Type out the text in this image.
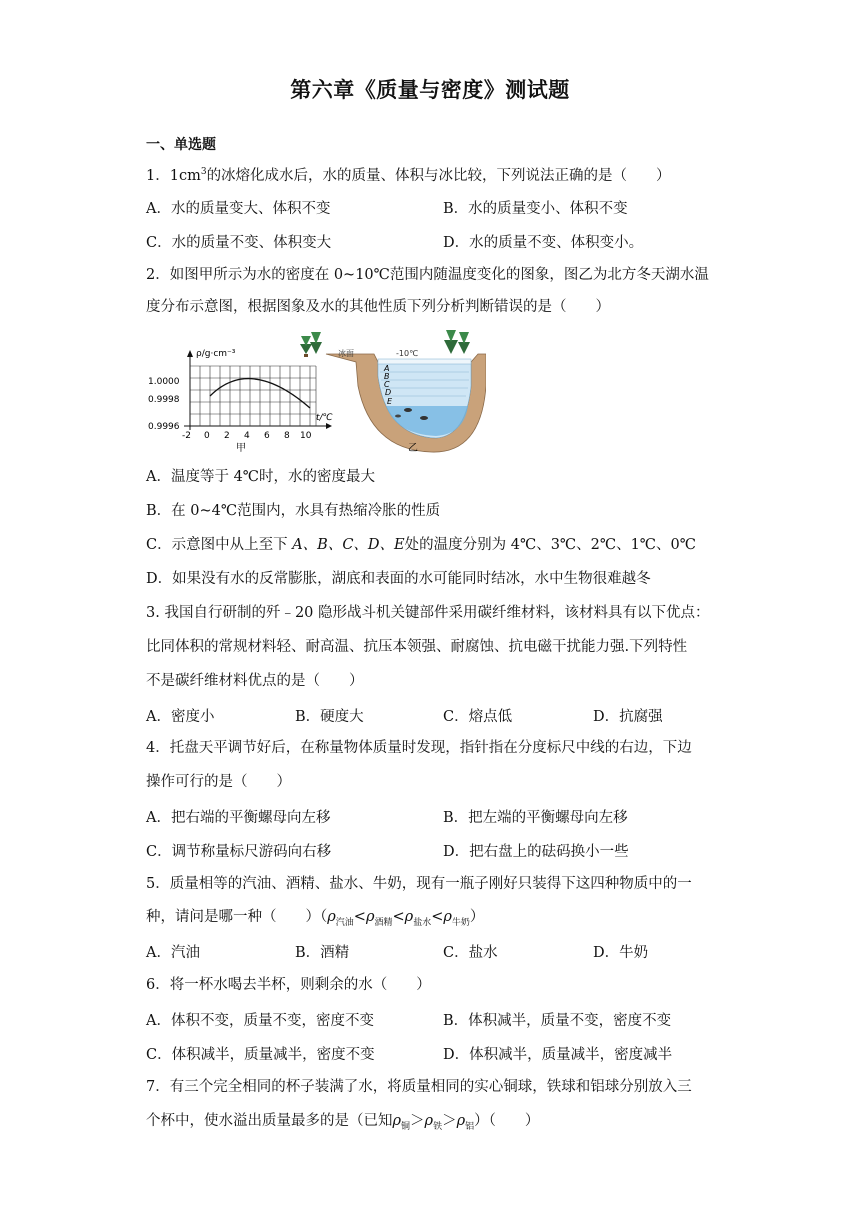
第六章《质量与密度》测试题
一、单选题
1．$1cm^3$的冰熔化成水后，水的质量、体积与冰比较，下列说法正确的是（　　）
A．水的质量变大、体积不变	B．水的质量变小、体积不变
C．水的质量不变、体积变大	D．水的质量不变、体积变小。
2．如图甲所示为水的密度在 0~10℃范围内随温度变化的图象，图乙为北方冬天湖水温
度分布示意图，根据图象及水的其他性质下列分析判断错误的是（　　）
ρ/g·cm⁻³
1.0000
0.9998
0.9996
-2 0 2 4 6 8 10
t/℃
甲
冰面	-10℃
A
B
C
D
E
乙
A．温度等于 4℃时，水的密度最大
B．在 0~4℃范围内，水具有热缩冷胀的性质
C．示意图中从上至下 A、B、C、D、E处的温度分别为 4℃、3℃、2℃、1℃、0℃
D．如果没有水的反常膨胀，湖底和表面的水可能同时结冰，水中生物很难越冬
3. 我国自行研制的歼﹣20 隐形战斗机关键部件采用碳纤维材料，该材料具有以下优点：
比同体积的常规材料轻、耐高温、抗压本领强、耐腐蚀、抗电磁干扰能力强.下列特性
不是碳纤维材料优点的是（　　）
A．密度小	B．硬度大	C．熔点低	D．抗腐强
4．托盘天平调节好后，在称量物体质量时发现，指针指在分度标尺中线的右边，下边
操作可行的是（　　）
A．把右端的平衡螺母向左移	B．把左端的平衡螺母向左移
C．调节称量标尺游码向右移	D．把右盘上的砝码换小一些
5．质量相等的汽油、酒精、盐水、牛奶，现有一瓶子刚好只装得下这四种物质中的一
种，请问是哪一种（　　）$(\rho_{汽油}<\rho_{酒精}<\rho_{盐水}<\rho_{牛奶})$
A．汽油	B．酒精	C．盐水	D．牛奶
6．将一杯水喝去半杯，则剩余的水（　　）
A．体积不变，质量不变，密度不变	B．体积减半，质量不变，密度不变
C．体积减半，质量减半，密度不变	D．体积减半，质量减半，密度减半
7．有三个完全相同的杯子装满了水，将质量相同的实心铜球，铁球和铝球分别放入三
个杯中，使水溢出质量最多的是（已知$\rho_铜>\rho_铁>\rho_铝$）（　　）
